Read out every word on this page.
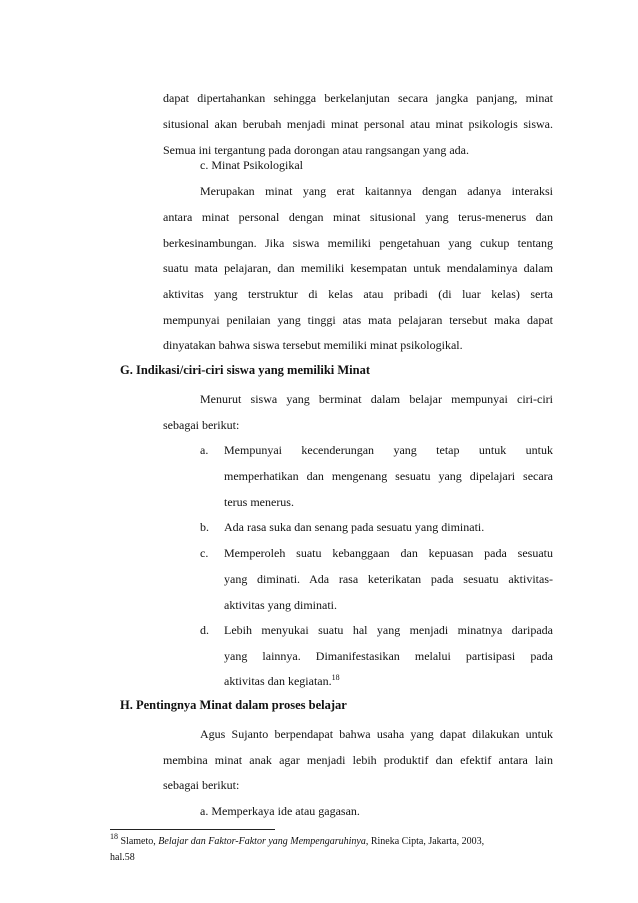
dapat dipertahankan sehingga berkelanjutan secara jangka panjang, minat
situsional akan berubah menjadi minat personal atau minat psikologis siswa.
Semua ini tergantung pada dorongan atau rangsangan yang ada.
c. Minat Psikologikal
Merupakan minat yang erat kaitannya dengan adanya interaksi
antara minat personal dengan minat situsional yang terus-menerus dan
berkesinambungan. Jika siswa memiliki pengetahuan yang cukup tentang
suatu mata pelajaran, dan memiliki kesempatan untuk mendalaminya dalam
aktivitas yang terstruktur di kelas atau pribadi (di luar kelas) serta
mempunyai penilaian yang tinggi atas mata pelajaran tersebut maka dapat
dinyatakan bahwa siswa tersebut memiliki minat psikologikal.
G. Indikasi/ciri-ciri siswa yang memiliki Minat
Menurut siswa yang berminat dalam belajar mempunyai ciri-ciri
sebagai berikut:
a. Mempunyai kecenderungan yang tetap untuk untuk
memperhatikan dan mengenang sesuatu yang dipelajari secara
terus menerus.
b. Ada rasa suka dan senang pada sesuatu yang diminati.
c. Memperoleh suatu kebanggaan dan kepuasan pada sesuatu
yang diminati. Ada rasa keterikatan pada sesuatu aktivitas-
aktivitas yang diminati.
d. Lebih menyukai suatu hal yang menjadi minatnya daripada
yang lainnya. Dimanifestasikan melalui partisipasi pada
aktivitas dan kegiatan.$^{18}$
H. Pentingnya Minat dalam proses belajar
Agus Sujanto berpendapat bahwa usaha yang dapat dilakukan untuk
membina minat anak agar menjadi lebih produktif dan efektif antara lain
sebagai berikut:
a. Memperkaya ide atau gagasan.
$^{18}$ Slameto, Belajar dan Faktor-Faktor yang Mempengaruhinya, Rineka Cipta, Jakarta, 2003,
hal.58
